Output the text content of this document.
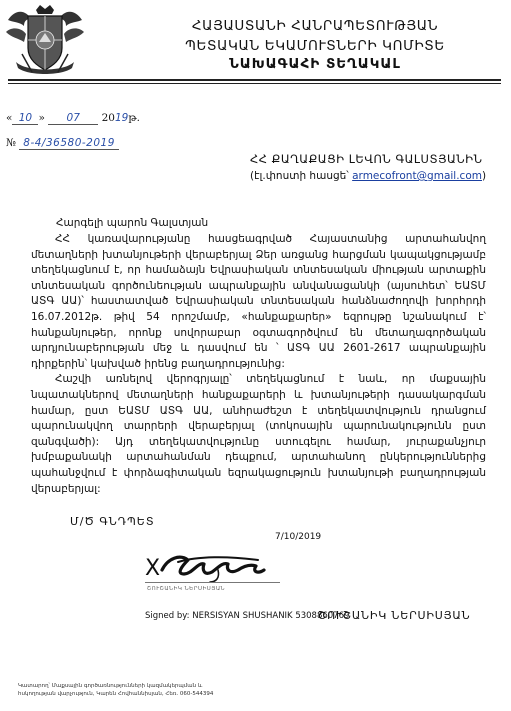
ՀԱՅԱՍՏԱՆԻ ՀԱՆՐԱՊԵՏՈՒԹՅԱՆ
ՊԵՏԱԿԱՆ ԵԿԱՄՈՒՏՆԵՐԻ ԿՈՄԻՏԵ
ՆԱԽԱԳԱՀԻ ՏԵՂԱԿԱԼ
« 10 » 07 2019թ.
№ 8-4/36580-2019
ՀՀ ՔԱՂԱՔԱՑԻ ԼԵՎՈՆ ԳԱԼՍՏՅԱՆԻՆ
(էլ.փոստի հասցե՝ armecofront@gmail.com)
Հարգելի պարոն Գալստյան

ՀՀ կառավարությանը հասցեագրված Հայաստանից արտահանվող մետաղների խտանյութերի վերաբերյալ Ձեր առցանց հարցման կապակցությամբ տեղեկացնում է, որ համաձայն Եվրասիական տնտեսական միության արտաքին տնտեսական գործունեության ապրանքային անվանացանկի (այսուհետ՝ ԵԱՏՄ ԱՏԳ ԱԱ)՝ հաստատված Եվրասիական տնտեսական հանձնաժողովի խորհրդի 16.07.2012թ. թիվ 54 որոշմամբ, «հանքաքարեր» եզրույթը նշանակում է՝ հանքանյութեր, որոնք սովորաբար օգտագործվում են մետաղագործական արդյունաբերության մեջ և դասվում են ՝ ԱՏԳ ԱԱ 2601-2617 ապրանքային դիրքերին՝ կախված իրենց բաղադրությունից:

Հաշվի առնելով վերոգրյալը՝ տեղեկացնում է նաև, որ մաքսային նպատակներով մետաղների հանքաքարերի և խտանյութերի դասակարգման համար, ըստ ԵԱՏՄ ԱՏԳ ԱԱ, անհրաժեշտ է տեղեկատվություն դրանցում պարունակվող տարրերի վերաբերյալ (տոկոսային պարունակությունն ըստ զանգվածի): Այդ տեղեկատվությունը ստուգելու համար, յուրաքանչյուր խմբաքանակի արտահանման դեպքում, արտահանող ընկերություններից պահանջվում է փորձագիտական եզրակացություն խտանյութի բաղադրության վերաբերյալ:

Մ/Ծ ԳՆԴՊԵՏ
7/10/2019
X
ՇՈՒՇԱՆԻԿ ՆԵՐՍԻՍՅԱՆ
Signed by: NERSISYAN SHUSHANIK 5308860769
ՇՈՒՇԱՆԻԿ ՆԵՐՍԻՍՅԱՆ
Կատարող՝ Մաքսային գործառնությունների կազմակերպման և
հսկողության վարչություն, Կարեն Հովհաննիսյան, Հեռ. 060-544394
